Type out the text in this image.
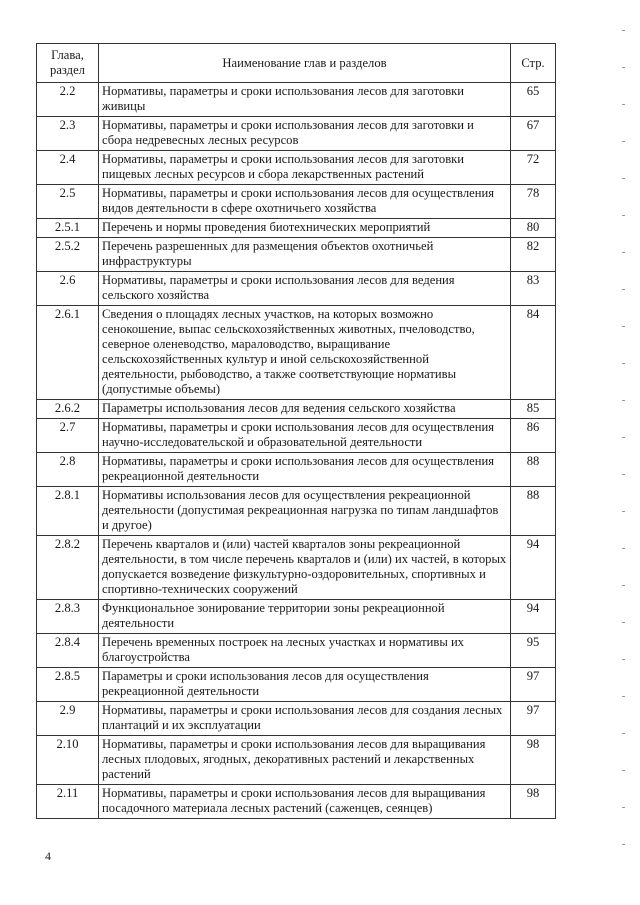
Глава, раздел	Наименование глав и разделов	Стр.
2.2	Нормативы, параметры и сроки использования лесов для заготовки живицы	65
2.3	Нормативы, параметры и сроки использования лесов для заготовки и сбора недревесных лесных ресурсов	67
2.4	Нормативы, параметры и сроки использования лесов для заготовки пищевых лесных ресурсов и сбора лекарственных растений	72
2.5	Нормативы, параметры и сроки использования лесов для осуществления видов деятельности в сфере охотничьего хозяйства	78
2.5.1	Перечень и нормы проведения биотехнических мероприятий	80
2.5.2	Перечень разрешенных для размещения объектов охотничьей инфраструктуры	82
2.6	Нормативы, параметры и сроки использования лесов для ведения сельского хозяйства	83
2.6.1	Сведения о площадях лесных участков, на которых возможно сенокошение, выпас сельскохозяйственных животных, пчеловодство, северное оленеводство, мараловодство, выращивание сельскохозяйственных культур и иной сельскохозяйственной деятельности, рыбоводство, а также соответствующие нормативы (допустимые объемы)	84
2.6.2	Параметры использования лесов для ведения сельского хозяйства	85
2.7	Нормативы, параметры и сроки использования лесов для осуществления научно-исследовательской и образовательной деятельности	86
2.8	Нормативы, параметры и сроки использования лесов для осуществления рекреационной деятельности	88
2.8.1	Нормативы использования лесов для осуществления рекреационной деятельности (допустимая рекреационная нагрузка по типам ландшафтов и другое)	88
2.8.2	Перечень кварталов и (или) частей кварталов зоны рекреационной деятельности, в том числе перечень кварталов и (или) их частей, в которых допускается возведение физкультурно-оздоровительных, спортивных и спортивно-технических сооружений	94
2.8.3	Функциональное зонирование территории зоны рекреационной деятельности	94
2.8.4	Перечень временных построек на лесных участках и нормативы их благоустройства	95
2.8.5	Параметры и сроки использования лесов для осуществления рекреационной деятельности	97
2.9	Нормативы, параметры и сроки использования лесов для создания лесных плантаций и их эксплуатации	97
2.10	Нормативы, параметры и сроки использования лесов для выращивания лесных плодовых, ягодных, декоративных растений и лекарственных растений	98
2.11	Нормативы, параметры и сроки использования лесов для выращивания посадочного материала лесных растений (саженцев, сеянцев)	98
4
